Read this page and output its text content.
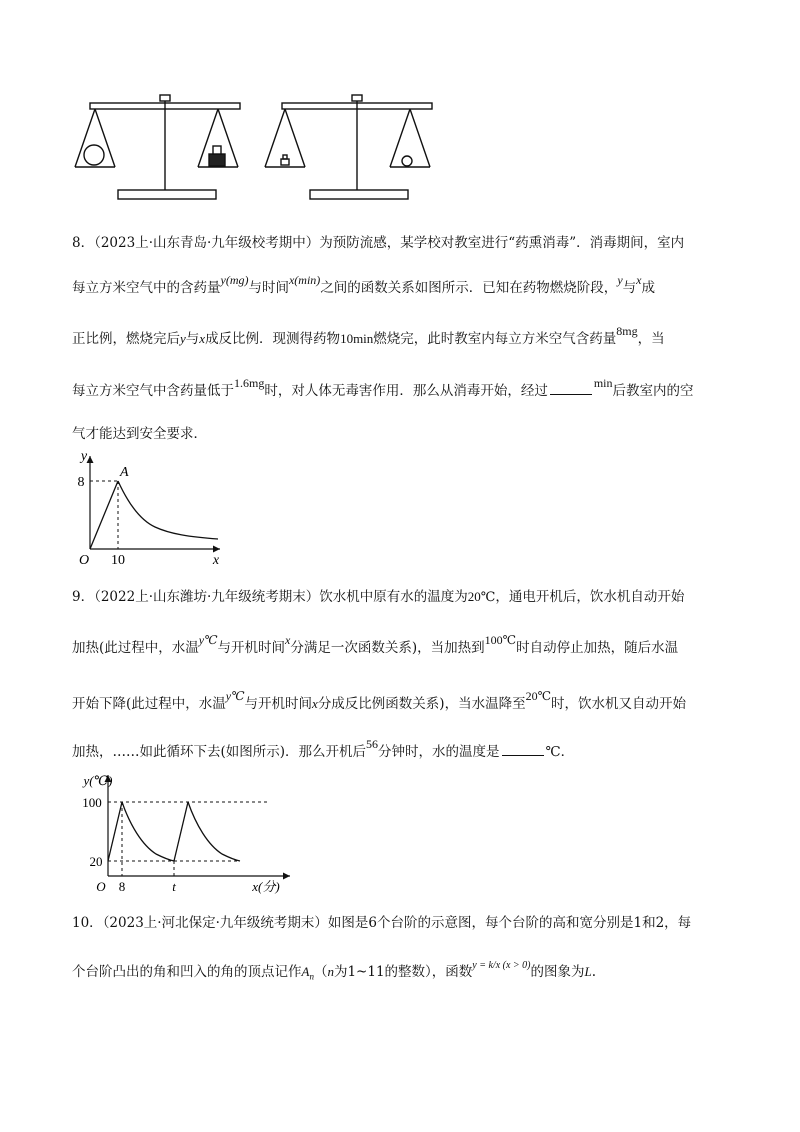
8．（2023上·山东青岛·九年级校考期中）为预防流感，某学校对教室进行“药熏消毒”．消毒期间，室内
每立方米空气中的含药量y(mg)与时间x(min)之间的函数关系如图所示．已知在药物燃烧阶段，y与x成
正比例，燃烧完后y与x成反比例．现测得药物10min燃烧完，此时教室内每立方米空气含药量8mg，当
每立方米空气中含药量低于1.6mg时，对人体无毒害作用．那么从消毒开始，经过	min后教室内的空
气才能达到安全要求．
y
x
O
A
8
10
9．（2022上·山东潍坊·九年级统考期末）饮水机中原有水的温度为20℃，通电开机后，饮水机自动开始
加热(此过程中，水温y℃与开机时间x分满足一次函数关系)，当加热到100℃时自动停止加热，随后水温
开始下降(此过程中，水温y℃与开机时间x分成反比例函数关系)，当水温降至20℃时，饮水机又自动开始
加热，……如此循环下去(如图所示)．那么开机后56分钟时，水的温度是	℃．
y(℃)
x(分)
O
100
20
8	t
10．（2023上·河北保定·九年级统考期末）如图是6个台阶的示意图，每个台阶的高和宽分别是1和2，每
个台阶凸出的角和凹入的角的顶点记作$A_n(n$为1~11的整数），函数$^{y = k/x (x > 0)}$的图象为L.
